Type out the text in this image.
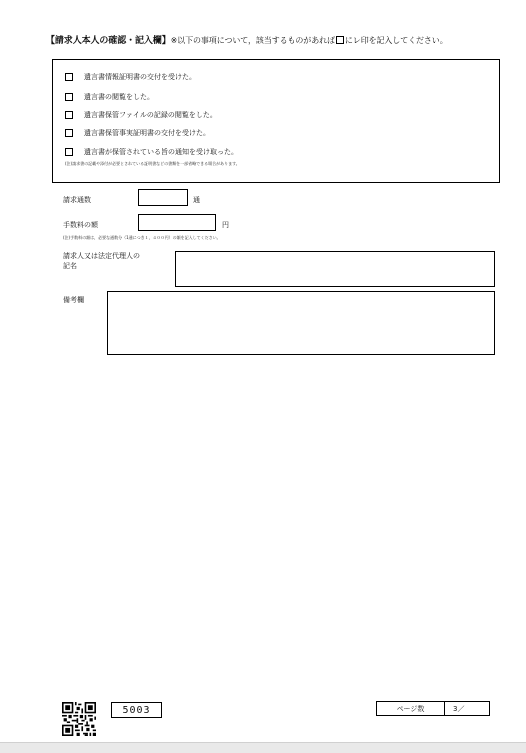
【請求人本人の確認・記入欄】※以下の事項について，該当するものがあれば にレ印を記入してください。
遺言書情報証明書の交付を受けた。
遺言書の閲覧をした。
遺言書保管ファイルの記録の閲覧をした。
遺言書保管事実証明書の交付を受けた。
遺言書が保管されている旨の通知を受け取った。
(注)請求書の記載や添付が必要とされている証明書などの書類を一部省略できる場合があります。
請求通数	通
手数料の額	円
(注)手数料の額は，必要な通数分（1通につき１，４００円）の額を記入してください。
請求人又は法定代理人の
記名
備考欄
5003	ページ数	3／
